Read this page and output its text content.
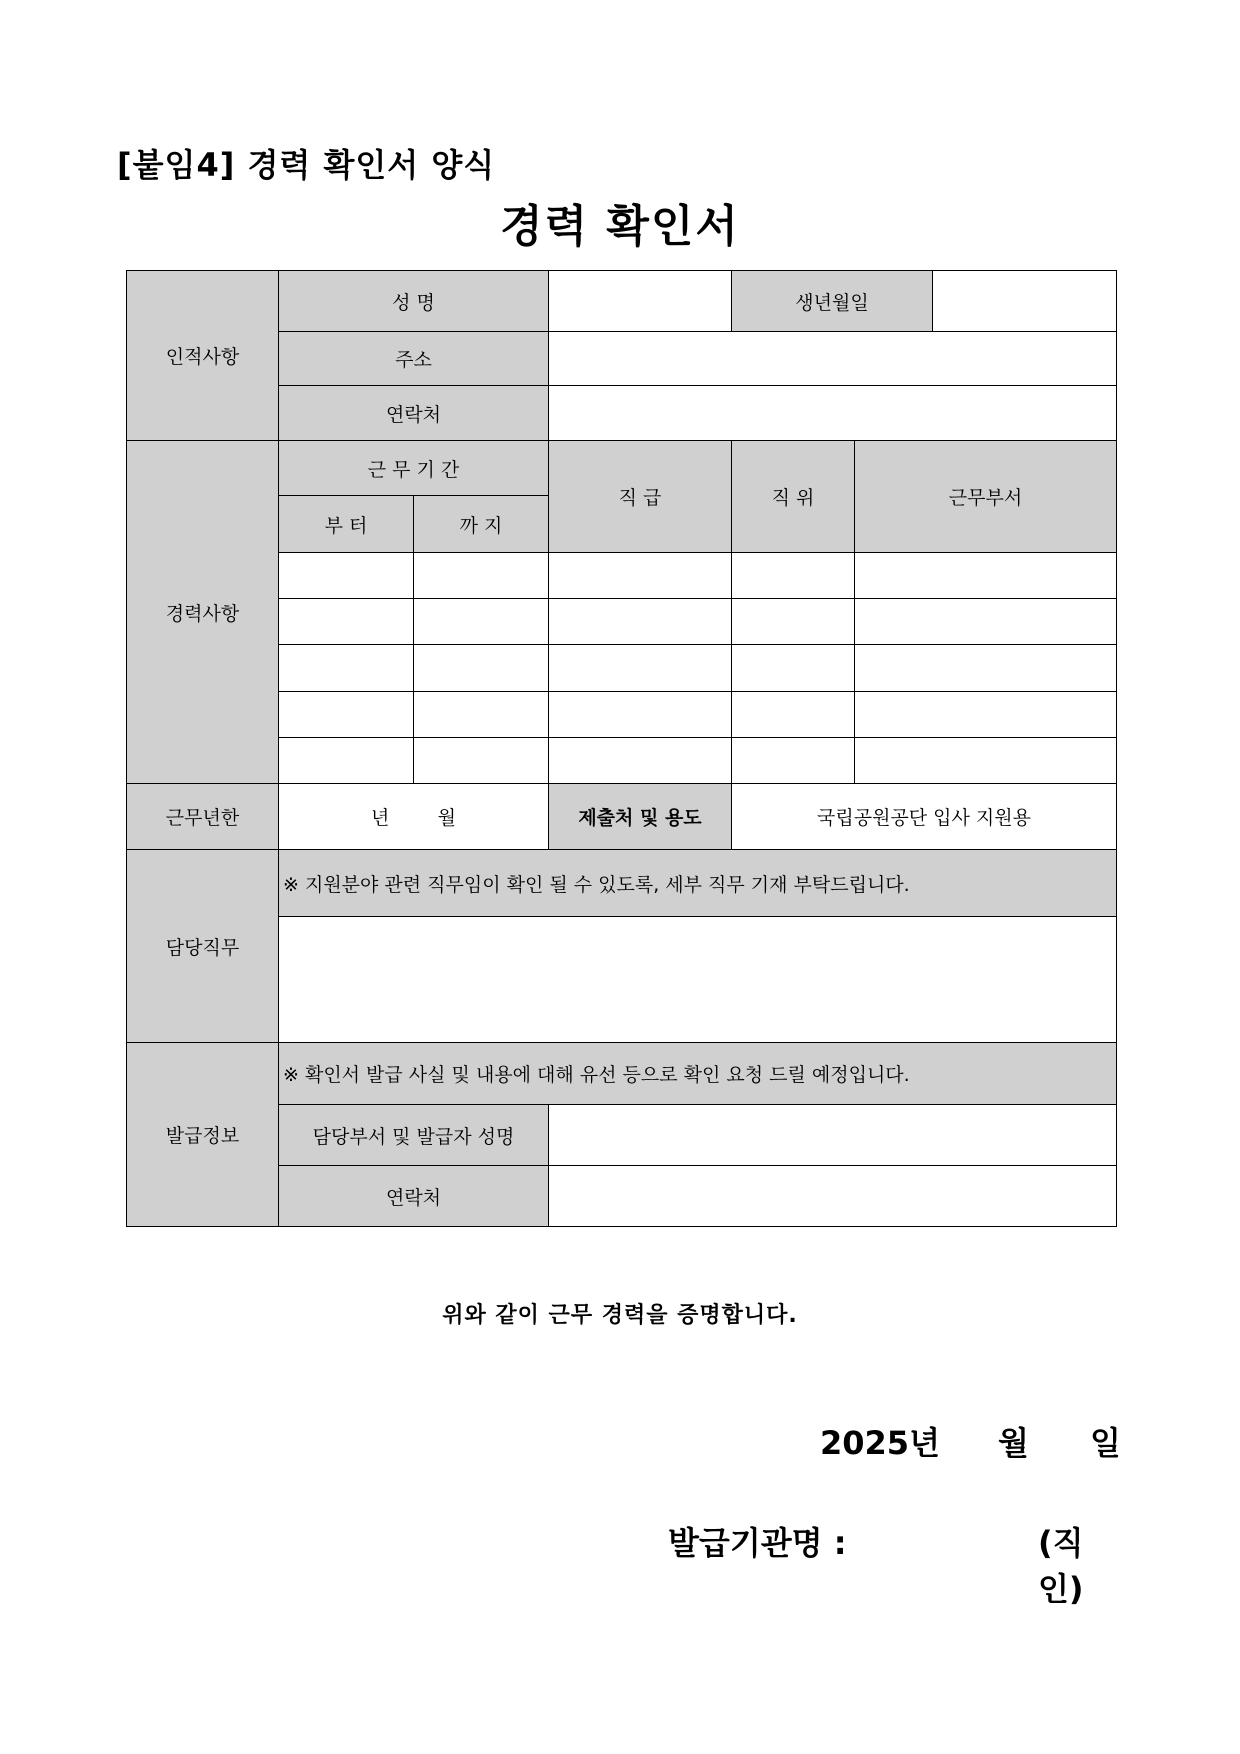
[붙임4] 경력 확인서 양식
경력 확인서
인적사항	성 명			생년월일		
	주소					
	연락처					
경력사항	근 무 기 간		직 급	직 위	근무부서	
	부 터	까 지				

근무년한	년        월		제출처 및 용도	국립공원공단 입사 지원용		
담당직무	※ 지원분야 관련 직무임이 확인 될 수 있도록, 세부 직무 기재 부탁드립니다.					

발급정보	※ 확인서 발급 사실 및 내용에 대해 유선 등으로 확인 요청 드릴 예정입니다.					
	담당부서 및 발급자 성명					
	연락처					
위와 같이 근무 경력을 증명합니다.
2025년 월 일
발급기관명 :	(직인)
